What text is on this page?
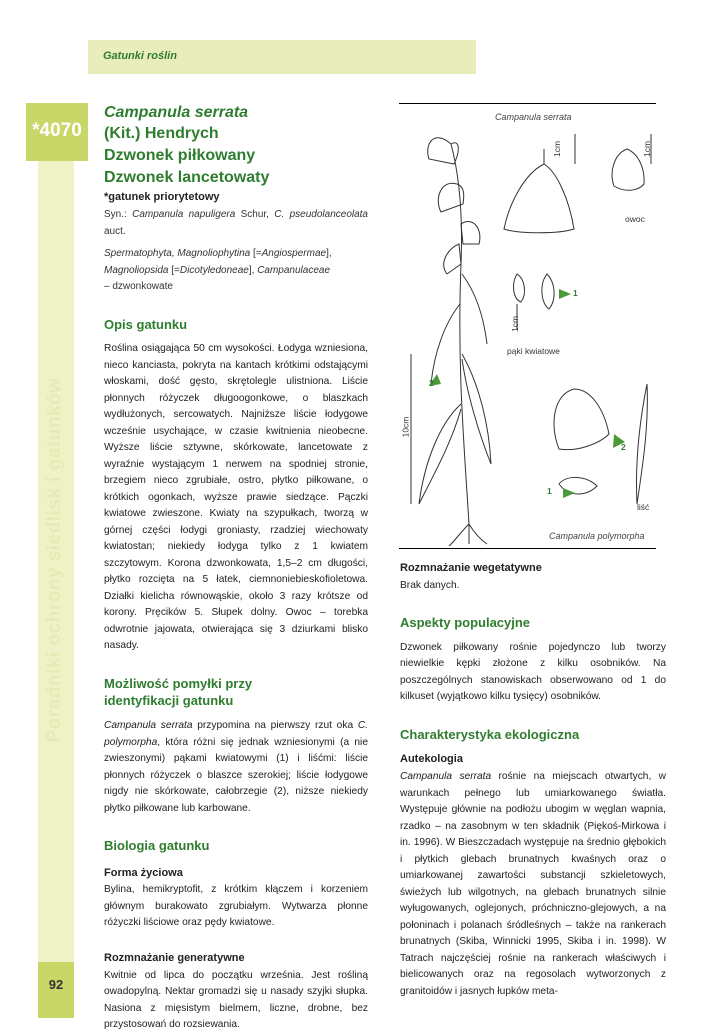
Gatunki roślin
*4070
Poradniki ochrony siedlisk i gatunków
92

Campanula serrata

(Kit.) Hendrych

Dzwonek piłkowany

Dzwonek lancetowaty

*gatunek priorytetowy

Syn.: Campanula napuligera Schur, C. pseudolanceolata auct.

Spermatophyta, Magnoliophytina [=Angiospermae],
Magnoliopsida [=Dicotyledoneae], Campanulaceae
– dzwonkowate

Opis gatunku

Roślina osiągająca 50 cm wysokości. Łodyga wzniesiona, nieco kanciasta, pokryta na kantach krótkimi odstającymi włoskami, dość gęsto, skrętolegle ulistniona. Liście płonnych różyczek długoogonkowe, o blaszkach wydłużonych, sercowatych. Najniższe liście łodygowe wcześnie usychające, w czasie kwitnienia nieobecne. Wyższe liście sztywne, skórkowate, lancetowate z wyraźnie wystającym 1 nerwem na spodniej stronie, brzegiem nieco zgrubiałe, ostro, płytko piłkowane, o krótkich ogonkach, wyższe prawie siedzące. Pączki kwiatowe zwieszone. Kwiaty na szypułkach, tworzą w górnej części łodygi groniasty, rzadziej wiechowaty kwiatostan; niekiedy łodyga tylko z 1 kwiatem szczytowym. Korona dzwonkowata, 1,5–2 cm długości, płytko rozcięta na 5 łatek, ciemnoniebieskofioletowa. Działki kielicha równowąskie, około 3 razy krótsze od korony. Pręcików 5. Słupek dolny. Owoc – torebka odwrotnie jajowata, otwierająca się 3 dziurkami blisko nasady.

Możliwość pomyłki przy identyfikacji gatunku

Campanula serrata przypomina na pierwszy rzut oka C. polymorpha, która różni się jednak wzniesionymi (a nie zwieszonymi) pąkami kwiatowymi (1) i liśćmi: liście płonnych różyczek o blaszce szerokiej; liście łodygowe nigdy nie skórkowate, całobrzegie (2), niższe niekiedy płytko piłkowane lub karbowane.

Biologia gatunku
Forma życiowa

Bylina, hemikryptofit, z krótkim kłączem i korzeniem głównym burakowato zgrubiałym. Wytwarza płonne różyczki liściowe oraz pędy kwiatowe.

Rozmnażanie generatywne

Kwitnie od lipca do początku września. Jest rośliną owadopylną. Nektar gromadzi się u nasady szyjki słupka. Nasiona z mięsistym bielmem, liczne, drobne, bez przystosowań do rozsiewania.

Campanula serrata
owoc
pąki kwiatowe
liść
Campanula polymorpha
1cm	1cm
1cm
10cm
1
2
2
1
Rozmnażanie wegetatywne

Brak danych.

Aspekty populacyjne

Dzwonek piłkowany rośnie pojedynczo lub tworzy niewielkie kępki złożone z kilku osobników. Na poszczególnych stanowiskach obserwowano od 1 do kilkuset (wyjątkowo kilku tysięcy) osobników.

Charakterystyka ekologiczna
Autekologia

Campanula serrata rośnie na miejscach otwartych, w warunkach pełnego lub umiarkowanego światła. Występuje głównie na podłożu ubogim w węglan wapnia, rzadko – na zasobnym w ten składnik (Piękoś-Mirkowa i in. 1996). W Bieszczadach występuje na średnio głębokich i płytkich glebach brunatnych kwaśnych oraz o umiarkowanej zawartości substancji szkieletowych, świeżych lub wilgotnych, na glebach brunatnych silnie wyługowanych, oglejonych, próchniczno-glejowych, a na połoninach i polanach śródleśnych – także na rankerach brunatnych (Skiba, Winnicki 1995, Skiba i in. 1998). W Tatrach najczęściej rośnie na rankerach właściwych i bielicowanych oraz na regosolach wytworzonych z granitoidów i jasnych łupków meta-
